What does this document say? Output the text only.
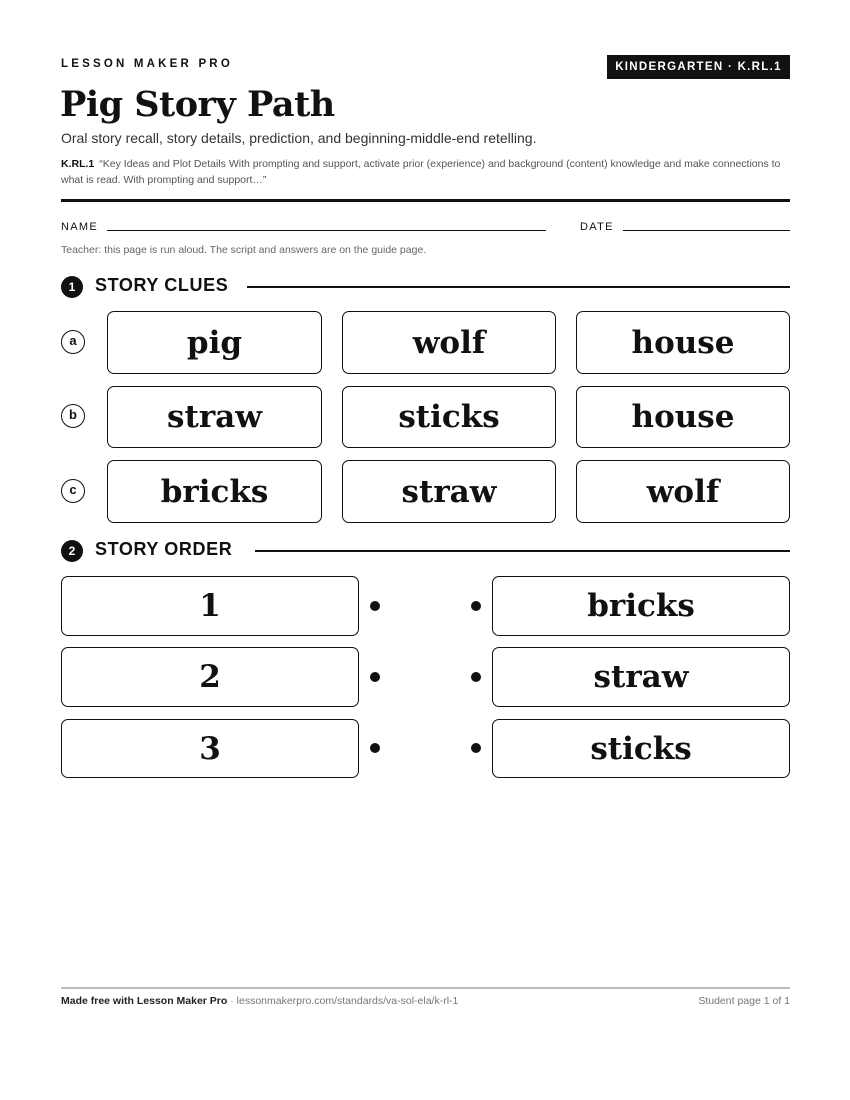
LESSON MAKER PRO	KINDERGARTEN · K.RL.1
Pig Story Path
Oral story recall, story details, prediction, and beginning-middle-end retelling.
K.RL.1 “Key Ideas and Plot Details With prompting and support, activate prior (experience) and background (content) knowledge and make connections to what is read. With prompting and support…”
NAME	DATE
Teacher: this page is run aloud. The script and answers are on the guide page.
1	STORY CLUES
a	pig	wolf	house
b	straw	sticks	house
c	bricks	straw	wolf
2	STORY ORDER
1	bricks
2	straw
3	sticks
Made free with Lesson Maker Pro · lessonmakerpro.com/standards/va-sol-ela/k-rl-1	Student page 1 of 1
